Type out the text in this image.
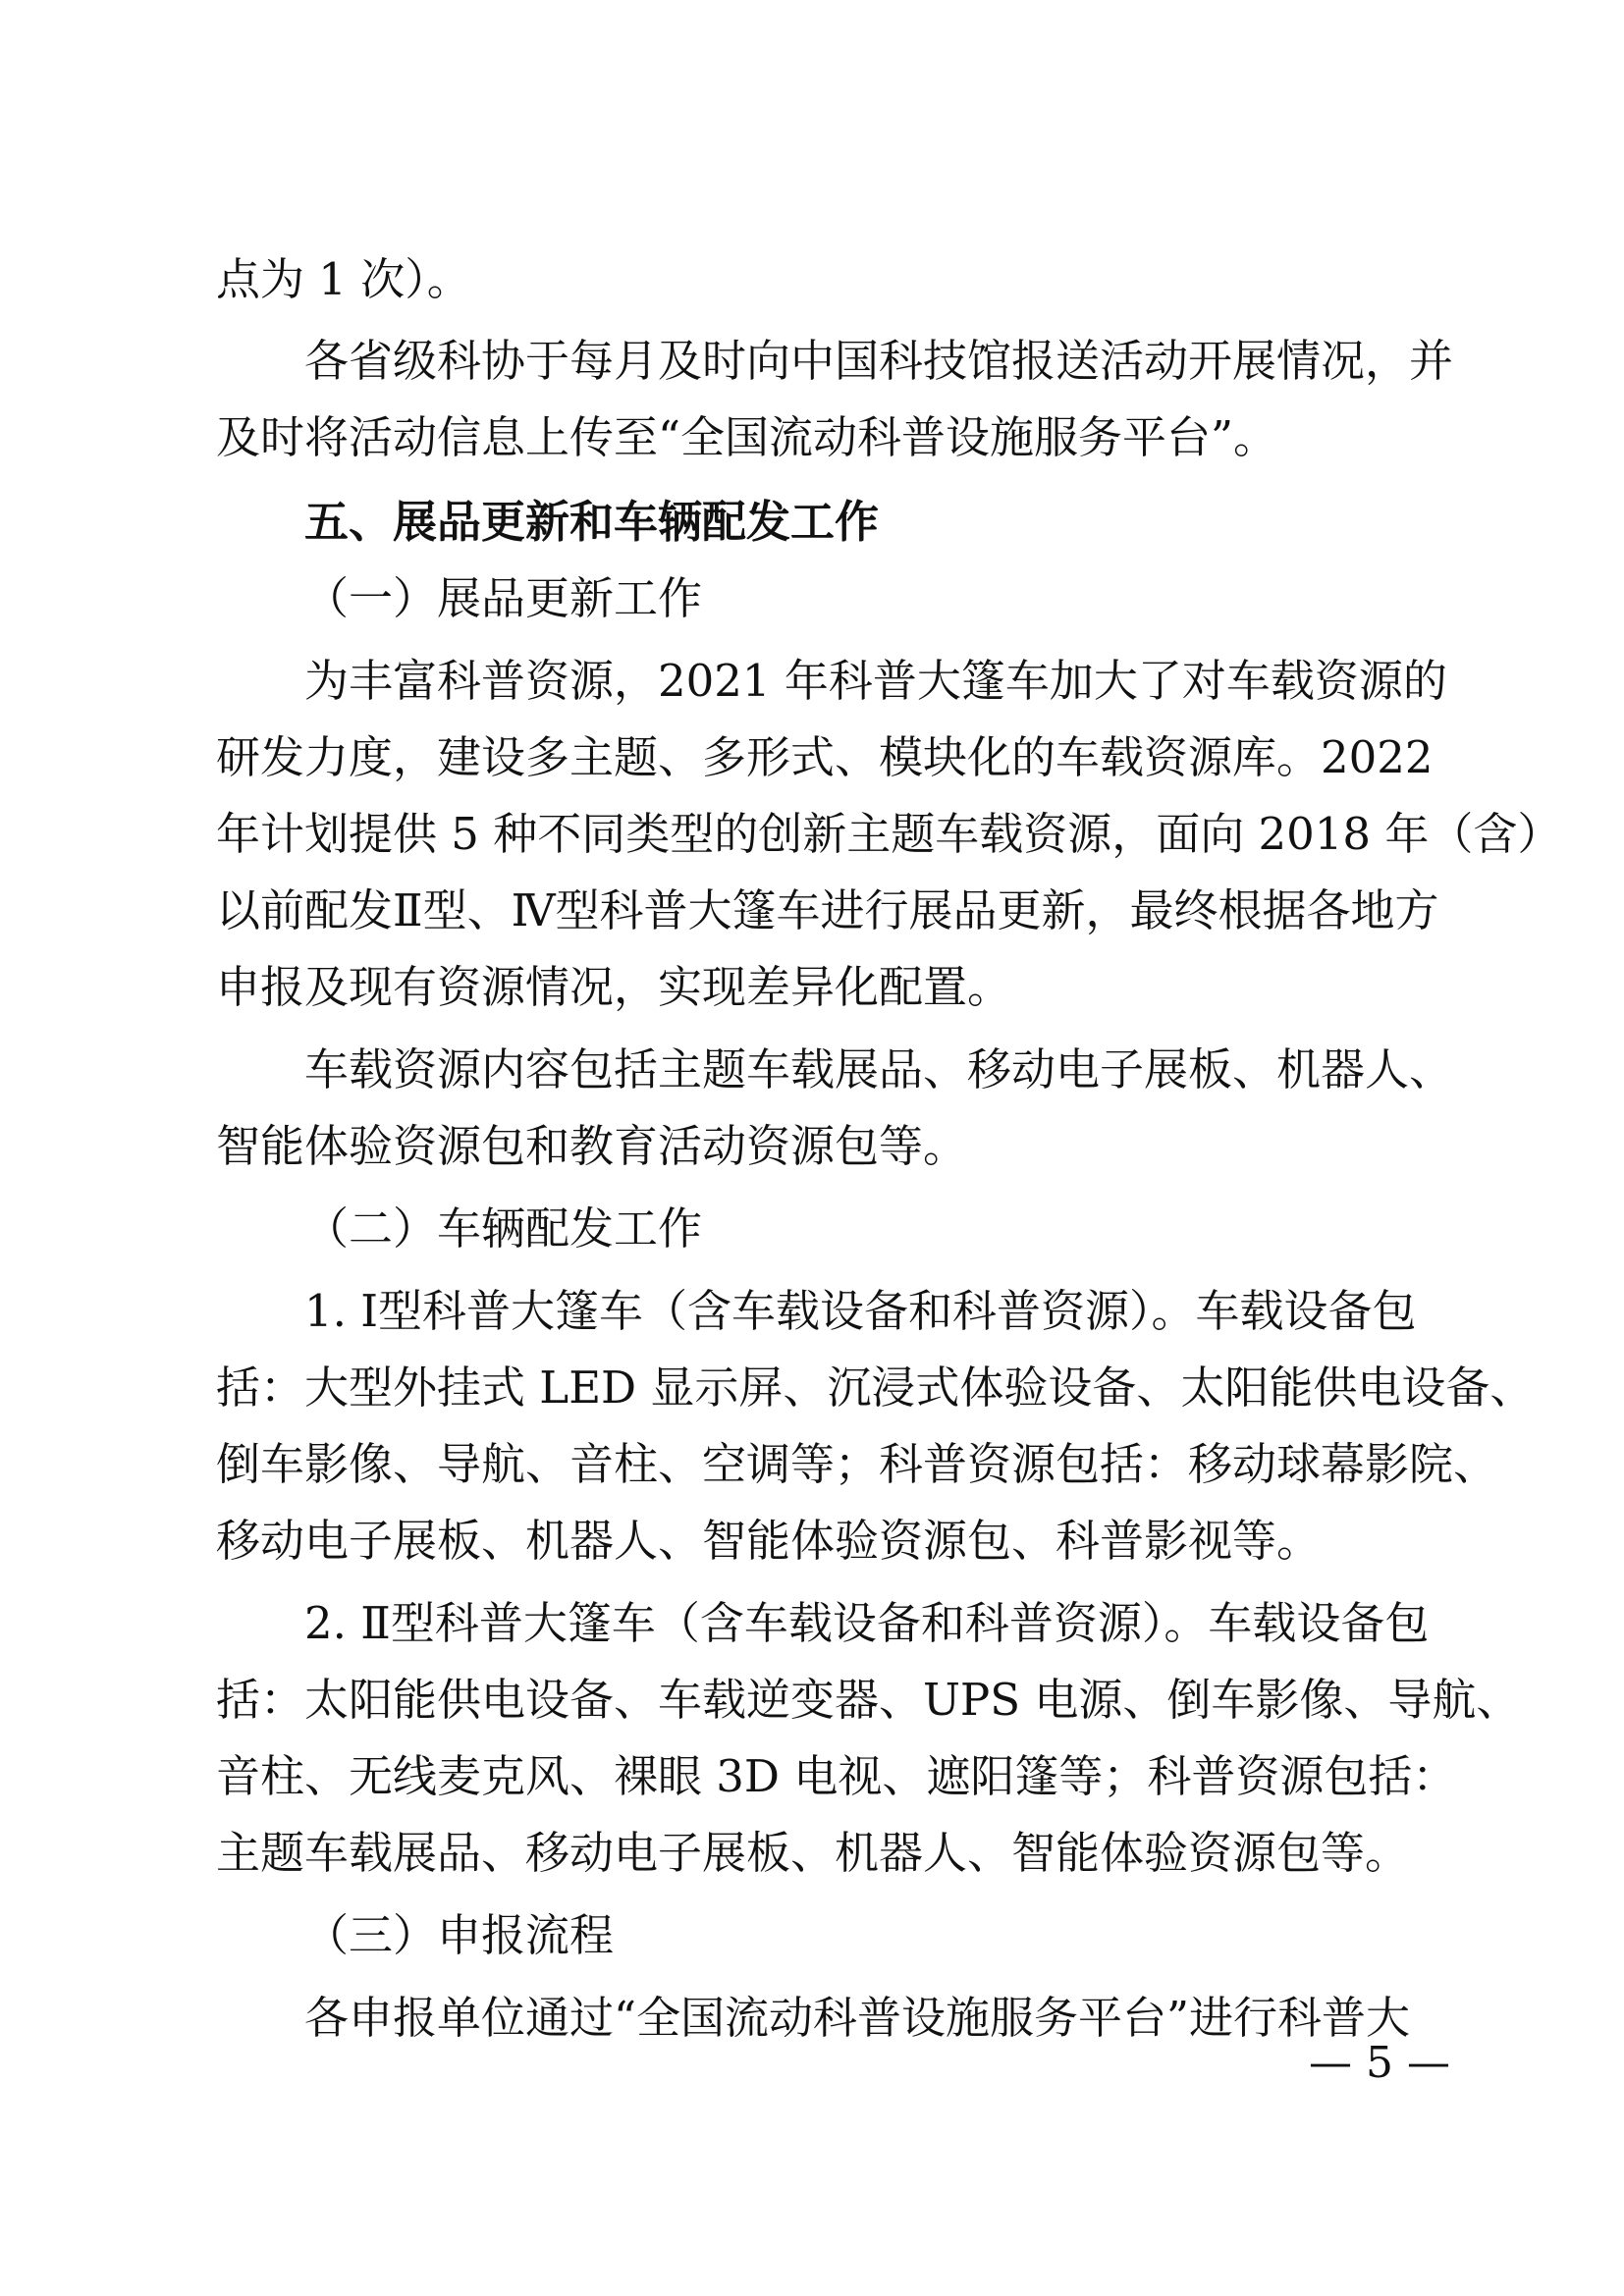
点为 1 次）。
各省级科协于每月及时向中国科技馆报送活动开展情况，并
及时将活动信息上传至“全国流动科普设施服务平台”。
五、展品更新和车辆配发工作
（一）展品更新工作
为丰富科普资源，2021 年科普大篷车加大了对车载资源的
研发力度，建设多主题、多形式、模块化的车载资源库。2022
年计划提供 5 种不同类型的创新主题车载资源，面向 2018 年（含）
以前配发Ⅱ型、Ⅳ型科普大篷车进行展品更新，最终根据各地方
申报及现有资源情况，实现差异化配置。
车载资源内容包括主题车载展品、移动电子展板、机器人、
智能体验资源包和教育活动资源包等。
（二）车辆配发工作
1. Ⅰ型科普大篷车（含车载设备和科普资源）。车载设备包
括：大型外挂式 LED 显示屏、沉浸式体验设备、太阳能供电设备、
倒车影像、导航、音柱、空调等；科普资源包括：移动球幕影院、
移动电子展板、机器人、智能体验资源包、科普影视等。
2. Ⅱ型科普大篷车（含车载设备和科普资源）。车载设备包
括：太阳能供电设备、车载逆变器、UPS 电源、倒车影像、导航、
音柱、无线麦克风、裸眼 3D 电视、遮阳篷等；科普资源包括：
主题车载展品、移动电子展板、机器人、智能体验资源包等。
（三）申报流程
各申报单位通过“全国流动科普设施服务平台”进行科普大
— 5 —
